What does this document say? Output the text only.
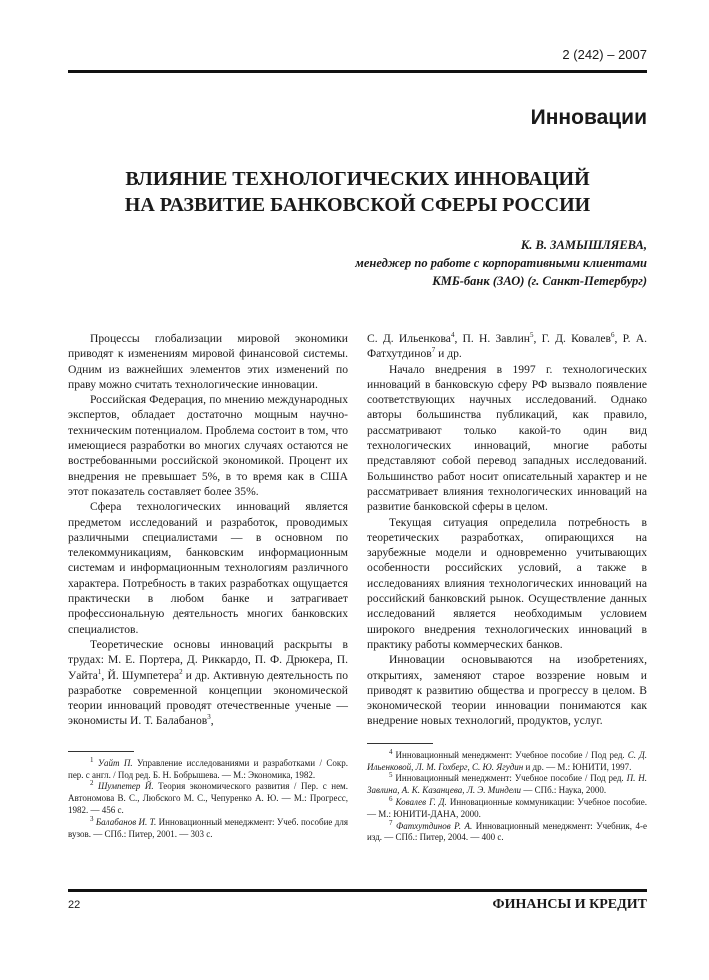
2 (242) – 2007
Инновации
ВЛИЯНИЕ ТЕХНОЛОГИЧЕСКИХ ИННОВАЦИЙ
НА РАЗВИТИЕ БАНКОВСКОЙ СФЕРЫ РОССИИ
К. В. ЗАМЫШЛЯЕВА,
менеджер по работе с корпоративными клиентами
КМБ-банк (ЗАО) (г. Санкт-Петербург)

Процессы глобализации мировой экономики приводят к изменениям мировой финансовой системы. Одним из важнейших элементов этих изменений по праву можно считать технологические инновации.

Российская Федерация, по мнению международных экспертов, обладает достаточно мощным научно-техническим потенциалом. Проблема состоит в том, что имеющиеся разработки во многих случаях остаются не востребованными российской экономикой. Процент их внедрения не превышает 5%, в то время как в США этот показатель составляет более 35%.

Сфера технологических инноваций является предметом исследований и разработок, проводимых различными специалистами — в основном по телекоммуникациям, банковским информационным системам и информационным технологиям различного характера. Потребность в таких разработках ощущается практически в любом банке и затрагивает профессиональную деятельность многих банковских специалистов.

Теоретические основы инноваций раскрыты в трудах: М. Е. Портера, Д. Риккардо, П. Ф. Дрюкера, П. Уайта$^1$, Й. Шумпетера$^2$ и др. Активную деятельность по разработке современной концепции экономической теории инноваций проводят отечественные ученые — экономисты И. Т. Балабанов$^3$,

$^1$ Уайт П. Управление исследованиями и разработками / Сокр. пер. с англ. / Под ред. Б. Н. Бобрышева. — М.: Экономика, 1982.

$^2$ Шумпетер Й. Теория экономического развития / Пер. с нем. Автономова В. С., Любского М. С., Чепуренко А. Ю. — М.: Прогресс, 1982. — 456 с.

$^3$ Балабанов И. Т. Инновационный менеджмент: Учеб. пособие для вузов. — СПб.: Питер, 2001. — 303 с.

С. Д. Ильенкова$^4$, П. Н. Завлин$^5$, Г. Д. Ковалев$^6$, Р. А. Фатхутдинов$^7$ и др.

Начало внедрения в 1997 г. технологических инноваций в банковскую сферу РФ вызвало появление соответствующих научных исследований. Однако авторы большинства публикаций, как правило, рассматривают только какой-то один вид технологических инноваций, многие работы представляют собой перевод западных исследований. Большинство работ носит описательный характер и не рассматривает влияния технологических инноваций на развитие банковской сферы в целом.

Текущая ситуация определила потребность в теоретических разработках, опирающихся на зарубежные модели и одновременно учитывающих особенности российских условий, а также в исследованиях влияния технологических инноваций на российский банковский рынок. Осуществление данных исследований является необходимым условием широкого внедрения технологических инноваций в практику работы коммерческих банков.

Инновации основываются на изобретениях, открытиях, заменяют старое воззрение новым и приводят к развитию общества и прогрессу в целом. В экономической теории инновации понимаются как внедрение новых технологий, продуктов, услуг.

$^4$ Инновационный менеджмент: Учебное пособие / Под ред. С. Д. Ильенковой, Л. М. Гохберг, С. Ю. Ягудин и др. — М.: ЮНИТИ, 1997.

$^5$ Инновационный менеджмент: Учебное пособие / Под ред. П. Н. Завлина, А. К. Казанцева, Л. Э. Миндели — СПб.: Наука, 2000.

$^6$ Ковалев Г. Д. Инновационные коммуникации: Учебное пособие. — М.: ЮНИТИ-ДАНА, 2000.

$^7$ Фатхутдинов Р. А. Инновационный менеджмент: Учебник, 4-е изд. — СПб.: Питер, 2004. — 400 с.

22	ФИНАНСЫ И КРЕДИТ
